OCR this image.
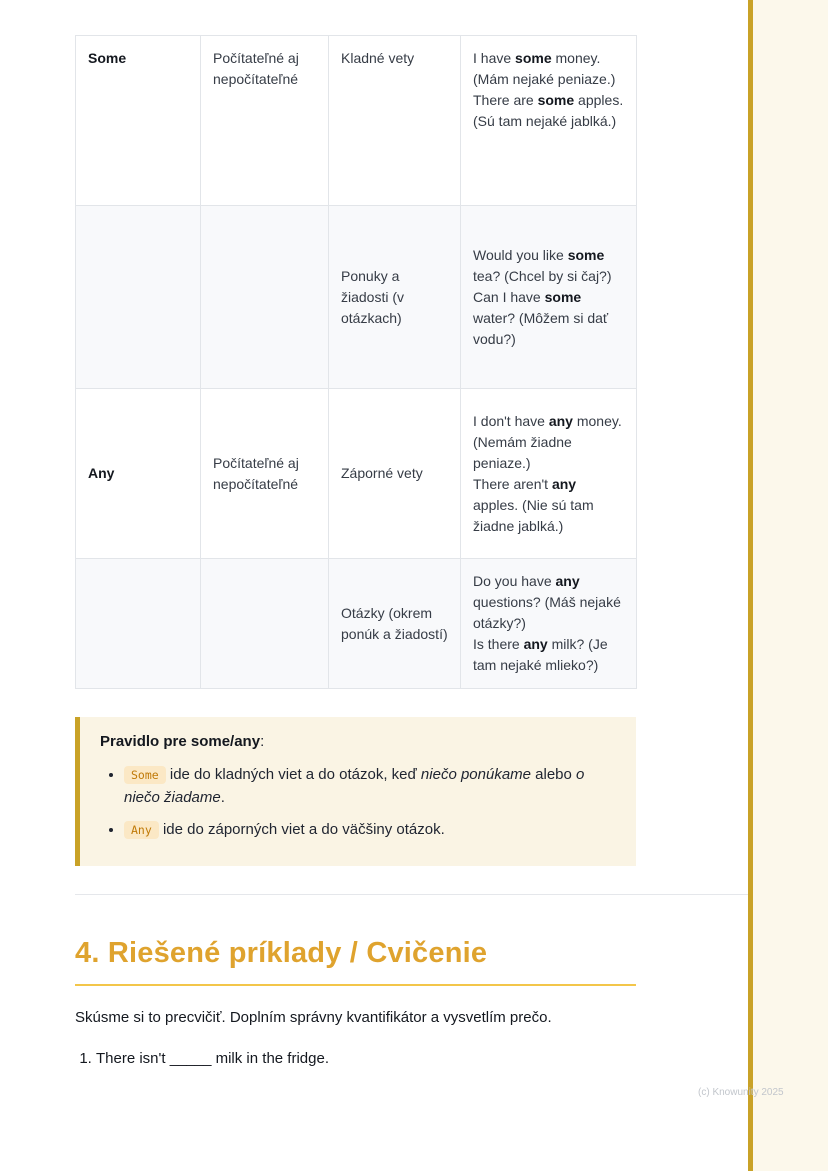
Some	Počítateľné aj nepočítateľné	Kladné vety	I have some money. (Mám nejaké peniaze.)
There are some apples. (Sú tam nejaké jablká.)

		Ponuky a žiadosti (v otázkach)	Would you like some tea? (Chcel by si čaj?)
Can I have some water? (Môžem si dať vodu?)

Any	Počítateľné aj nepočítateľné	Záporné vety	I don't have any money. (Nemám žiadne peniaze.)
There aren't any apples. (Nie sú tam žiadne jablká.)

		Otázky (okrem ponúk a žiadostí)	Do you have any questions? (Máš nejaké otázky?)
Is there any milk? (Je tam nejaké mlieko?)

Pravidlo pre some/any:

• Some ide do kladných viet a do otázok, keď niečo ponúkame alebo o niečo žiadame.
• Any ide do záporných viet a do väčšiny otázok.
4. Riešené príklady / Cvičenie

Skúsme si to precvičiť. Doplním správny kvantifikátor a vysvetlím prečo.

1. There isn't _____ milk in the fridge.
(c) Knowunity 2025
